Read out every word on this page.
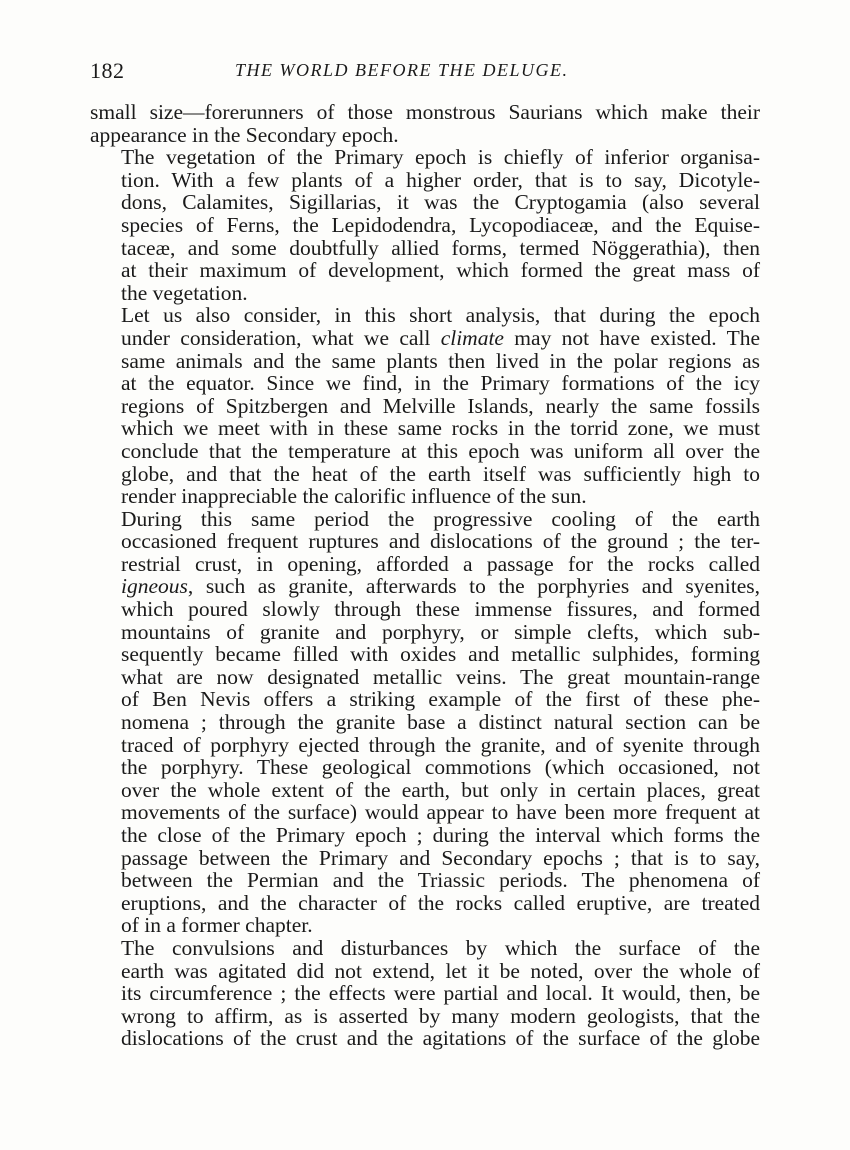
182	THE WORLD BEFORE THE DELUGE.

small size—forerunners of those monstrous Saurians which make their
appearance in the Secondary epoch.

The vegetation of the Primary epoch is chiefly of inferior organisa-
tion. With a few plants of a higher order, that is to say, Dicotyle-
dons, Calamites, Sigillarias, it was the Cryptogamia (also several
species of Ferns, the Lepidodendra, Lycopodiaceæ, and the Equise-
taceæ, and some doubtfully allied forms, termed Nöggerathia), then
at their maximum of development, which formed the great mass of
the vegetation.

Let us also consider, in this short analysis, that during the epoch
under consideration, what we call climate may not have existed. The
same animals and the same plants then lived in the polar regions as
at the equator. Since we find, in the Primary formations of the icy
regions of Spitzbergen and Melville Islands, nearly the same fossils
which we meet with in these same rocks in the torrid zone, we must
conclude that the temperature at this epoch was uniform all over the
globe, and that the heat of the earth itself was sufficiently high to
render inappreciable the calorific influence of the sun.

During this same period the progressive cooling of the earth
occasioned frequent ruptures and dislocations of the ground ; the ter-
restrial crust, in opening, afforded a passage for the rocks called
igneous, such as granite, afterwards to the porphyries and syenites,
which poured slowly through these immense fissures, and formed
mountains of granite and porphyry, or simple clefts, which sub-
sequently became filled with oxides and metallic sulphides, forming
what are now designated metallic veins. The great mountain-range
of Ben Nevis offers a striking example of the first of these phe-
nomena ; through the granite base a distinct natural section can be
traced of porphyry ejected through the granite, and of syenite through
the porphyry. These geological commotions (which occasioned, not
over the whole extent of the earth, but only in certain places, great
movements of the surface) would appear to have been more frequent at
the close of the Primary epoch ; during the interval which forms the
passage between the Primary and Secondary epochs ; that is to say,
between the Permian and the Triassic periods. The phenomena of
eruptions, and the character of the rocks called eruptive, are treated
of in a former chapter.

The convulsions and disturbances by which the surface of the
earth was agitated did not extend, let it be noted, over the whole of
its circumference ; the effects were partial and local. It would, then, be
wrong to affirm, as is asserted by many modern geologists, that the
dislocations of the crust and the agitations of the surface of the globe
